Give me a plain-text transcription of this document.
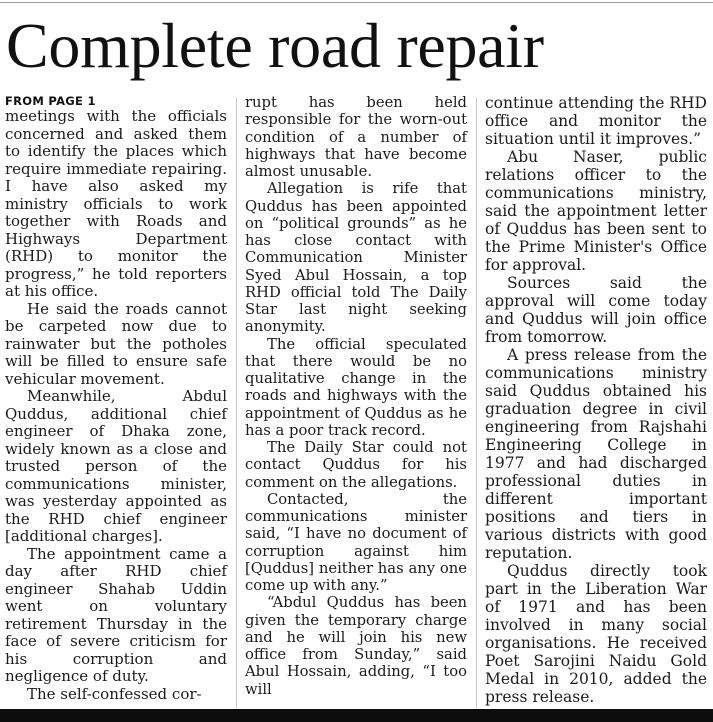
Complete road repair
FROM PAGE 1

meetings with the officials concerned and asked them to identify the places which require immediate repairing. I have also asked my ministry officials to work together with Roads and Highways Department (RHD) to monitor the progress,” he told reporters at his office.

He said the roads cannot be carpeted now due to rainwater but the potholes will be filled to ensure safe vehicular movement.

Meanwhile, Abdul Quddus, additional chief engineer of Dhaka zone, widely known as a close and trusted person of the communications minister, was yesterday appointed as the RHD chief engineer [additional charges].

The appointment came a day after RHD chief engineer Shahab Uddin went on voluntary retirement Thursday in the face of severe criticism for his corruption and negligence of duty.

The self-confessed cor-

rupt has been held responsible for the worn-out condition of a number of highways that have become almost unusable.

Allegation is rife that Quddus has been appointed on “political grounds” as he has close contact with Communication Minister Syed Abul Hossain, a top RHD official told The Daily Star last night seeking anonymity.

The official speculated that there would be no qualitative change in the roads and highways with the appointment of Quddus as he has a poor track record.

The Daily Star could not contact Quddus for his comment on the allegations.

Contacted, the communications minister said, “I have no document of corruption against him [Quddus] neither has any one come up with any.”

“Abdul Quddus has been given the temporary charge and he will join his new office from Sunday,” said Abul Hossain, adding, “I too will

continue attending the RHD office and monitor the situation until it improves.”

Abu Naser, public relations officer to the communications ministry, said the appointment letter of Quddus has been sent to the Prime Minister's Office for approval.

Sources said the approval will come today and Quddus will join office from tomorrow.

A press release from the communications ministry said Quddus obtained his graduation degree in civil engineering from Rajshahi Engineering College in 1977 and had discharged professional duties in different important positions and tiers in various districts with good reputation.

Quddus directly took part in the Liberation War of 1971 and has been involved in many social organisations. He received Poet Sarojini Naidu Gold Medal in 2010, added the press release.
